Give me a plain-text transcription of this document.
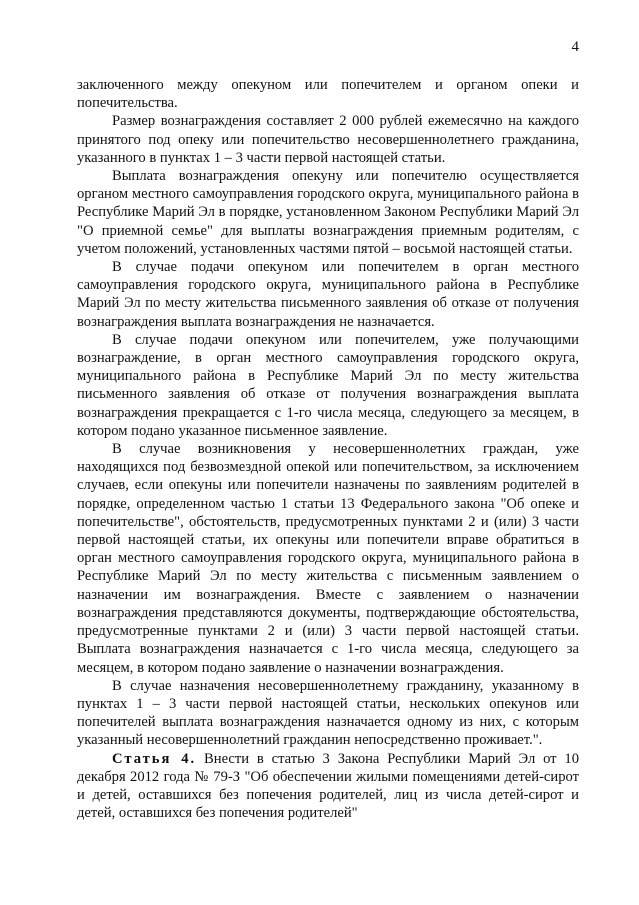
4

заключенного между опекуном или попечителем и органом опеки и попечительства.

Размер вознаграждения составляет 2 000 рублей ежемесячно на каждого принятого под опеку или попечительство несовершеннолетнего гражданина, указанного в пунктах 1 – 3 части первой настоящей статьи.

Выплата вознаграждения опекуну или попечителю осуществляется органом местного самоуправления городского округа, муниципального района в Республике Марий Эл в порядке, установленном Законом Республики Марий Эл "О приемной семье" для выплаты вознаграждения приемным родителям, с учетом положений, установленных частями пятой – восьмой настоящей статьи.

В случае подачи опекуном или попечителем в орган местного самоуправления городского округа, муниципального района в Республике Марий Эл по месту жительства письменного заявления об отказе от получения вознаграждения выплата вознаграждения не назначается.

В случае подачи опекуном или попечителем, уже получающими вознаграждение, в орган местного самоуправления городского округа, муниципального района в Республике Марий Эл по месту жительства письменного заявления об отказе от получения вознаграждения выплата вознаграждения прекращается с 1-го числа месяца, следующего за месяцем, в котором подано указанное письменное заявление.

В случае возникновения у несовершеннолетних граждан, уже находящихся под безвозмездной опекой или попечительством, за исключением случаев, если опекуны или попечители назначены по заявлениям родителей в порядке, определенном частью 1 статьи 13 Федерального закона "Об опеке и попечительстве", обстоятельств, предусмотренных пунктами 2 и (или) 3 части первой настоящей статьи, их опекуны или попечители вправе обратиться в орган местного самоуправления городского округа, муниципального района в Республике Марий Эл по месту жительства с письменным заявлением о назначении им вознаграждения. Вместе с заявлением о назначении вознаграждения представляются документы, подтверждающие обстоятельства, предусмотренные пунктами 2 и (или) 3 части первой настоящей статьи. Выплата вознаграждения назначается с 1-го числа месяца, следующего за месяцем, в котором подано заявление о назначении вознаграждения.

В случае назначения несовершеннолетнему гражданину, указанному в пунктах 1 – 3 части первой настоящей статьи, нескольких опекунов или попечителей выплата вознаграждения назначается одному из них, с которым указанный несовершеннолетний гражданин непосредственно проживает.".

Статья 4. Внести в статью 3 Закона Республики Марий Эл от 10 декабря 2012 года № 79-З "Об обеспечении жилыми помещениями детей-сирот и детей, оставшихся без попечения родителей, лиц из числа детей-сирот и детей, оставшихся без попечения родителей"
